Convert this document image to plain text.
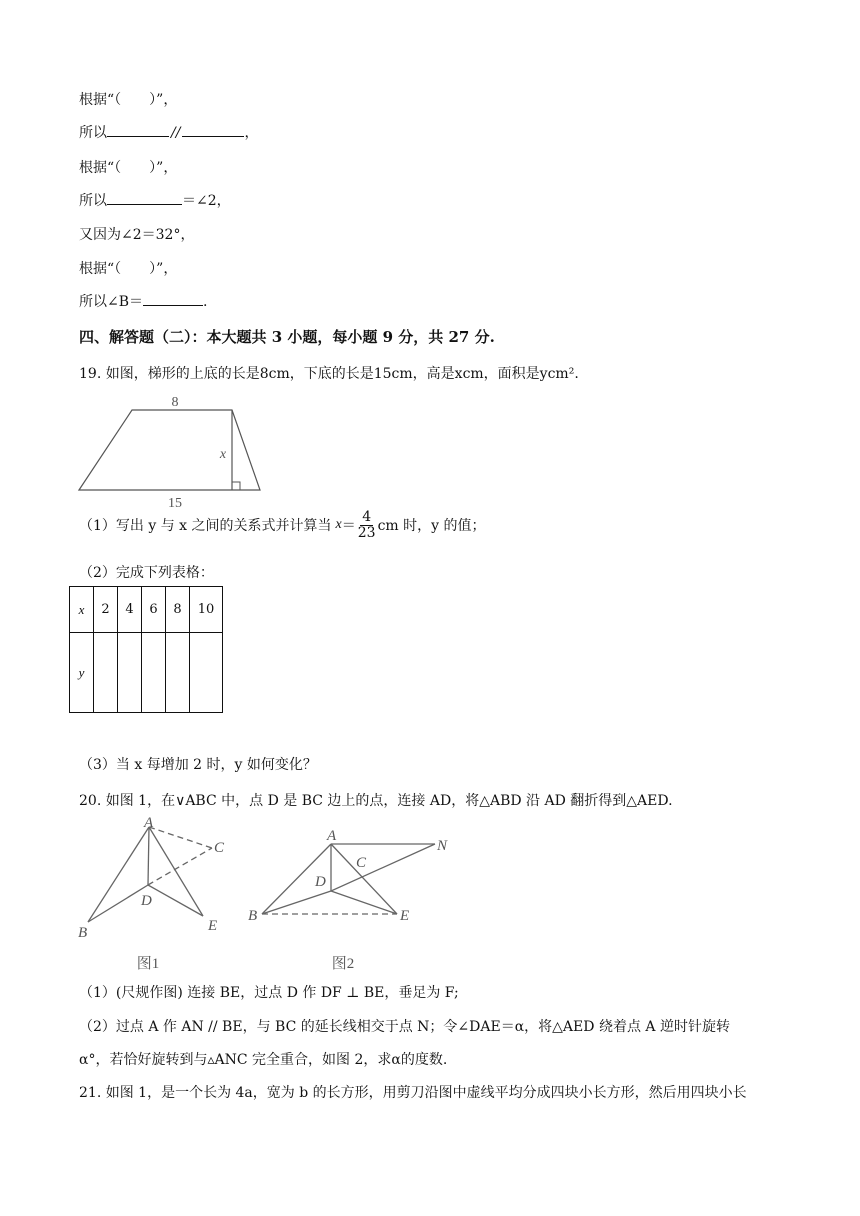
根据“（　　）”，
所以	//	，
根据“（　　）”，
所以	＝∠2，
又因为∠2＝32°，
根据“（　　）”，
所以∠B＝	.
四、解答题（二）：本大题共 3 小题，每小题 9 分，共 27 分.
19. 如图，梯形的上底的长是8cm，下底的长是15cm，高是xcm，面积是ycm².
8
15
x
（1）写出 y 与 x 之间的关系式并计算当 $x = \frac{4}{23}$ cm 时，y 的值；
（2）完成下列表格：
x	2	4	6	8	10
y					
（3）当 x 每增加 2 时，y 如何变化？
20. 如图 1，在∨ABC 中，点 D 是 BC 边上的点，连接 AD，将△ABD 沿 AD 翻折得到△AED.
A
C
D
B	E
图1
A
N
C
D
B	E
图2
（1）(尺规作图) 连接 BE，过点 D 作 DF ⊥ BE，垂足为 F;
（2）过点 A 作 AN // BE，与 BC 的延长线相交于点 N；令∠DAE＝α，将△AED 绕着点 A 逆时针旋转
α°，若恰好旋转到与▵ANC 完全重合，如图 2，求α的度数.
21. 如图 1，是一个长为 4a，宽为 b 的长方形，用剪刀沿图中虚线平均分成四块小长方形，然后用四块小长
